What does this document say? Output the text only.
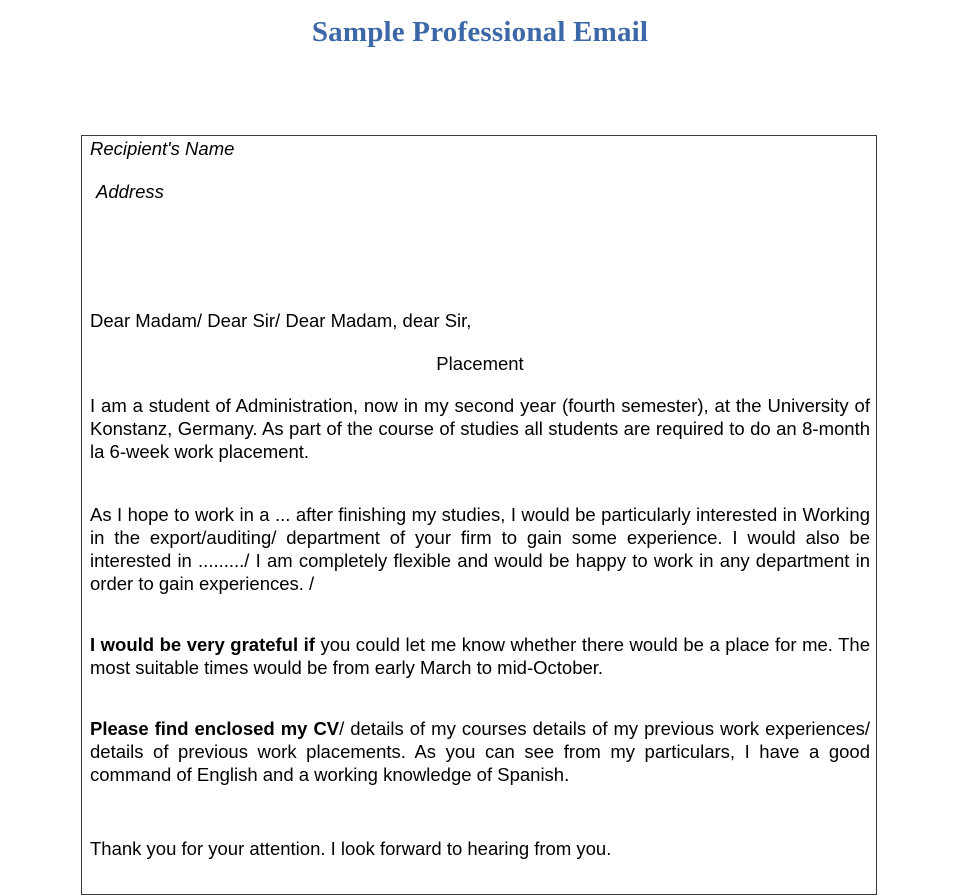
Sample Professional Email

Recipient's Name

Address

Dear Madam/ Dear Sir/ Dear Madam, dear Sir,

Placement

I am a student of Administration, now in my second year (fourth semester), at the University of Konstanz, Germany. As part of the course of studies all students are required to do an 8-month la 6-week work placement.

As I hope to work in a ... after finishing my studies, I would be particularly interested in Working in the export/auditing/ department of your firm to gain some experience. I would also be interested in ........./ I am completely flexible and would be happy to work in any department in order to gain experiences. /

I would be very grateful if you could let me know whether there would be a place for me. The most suitable times would be from early March to mid-October.

Please find enclosed my CV/ details of my courses details of my previous work experiences/ details of previous work placements. As you can see from my particulars, I have a good command of English and a working knowledge of Spanish.

Thank you for your attention. I look forward to hearing from you.
